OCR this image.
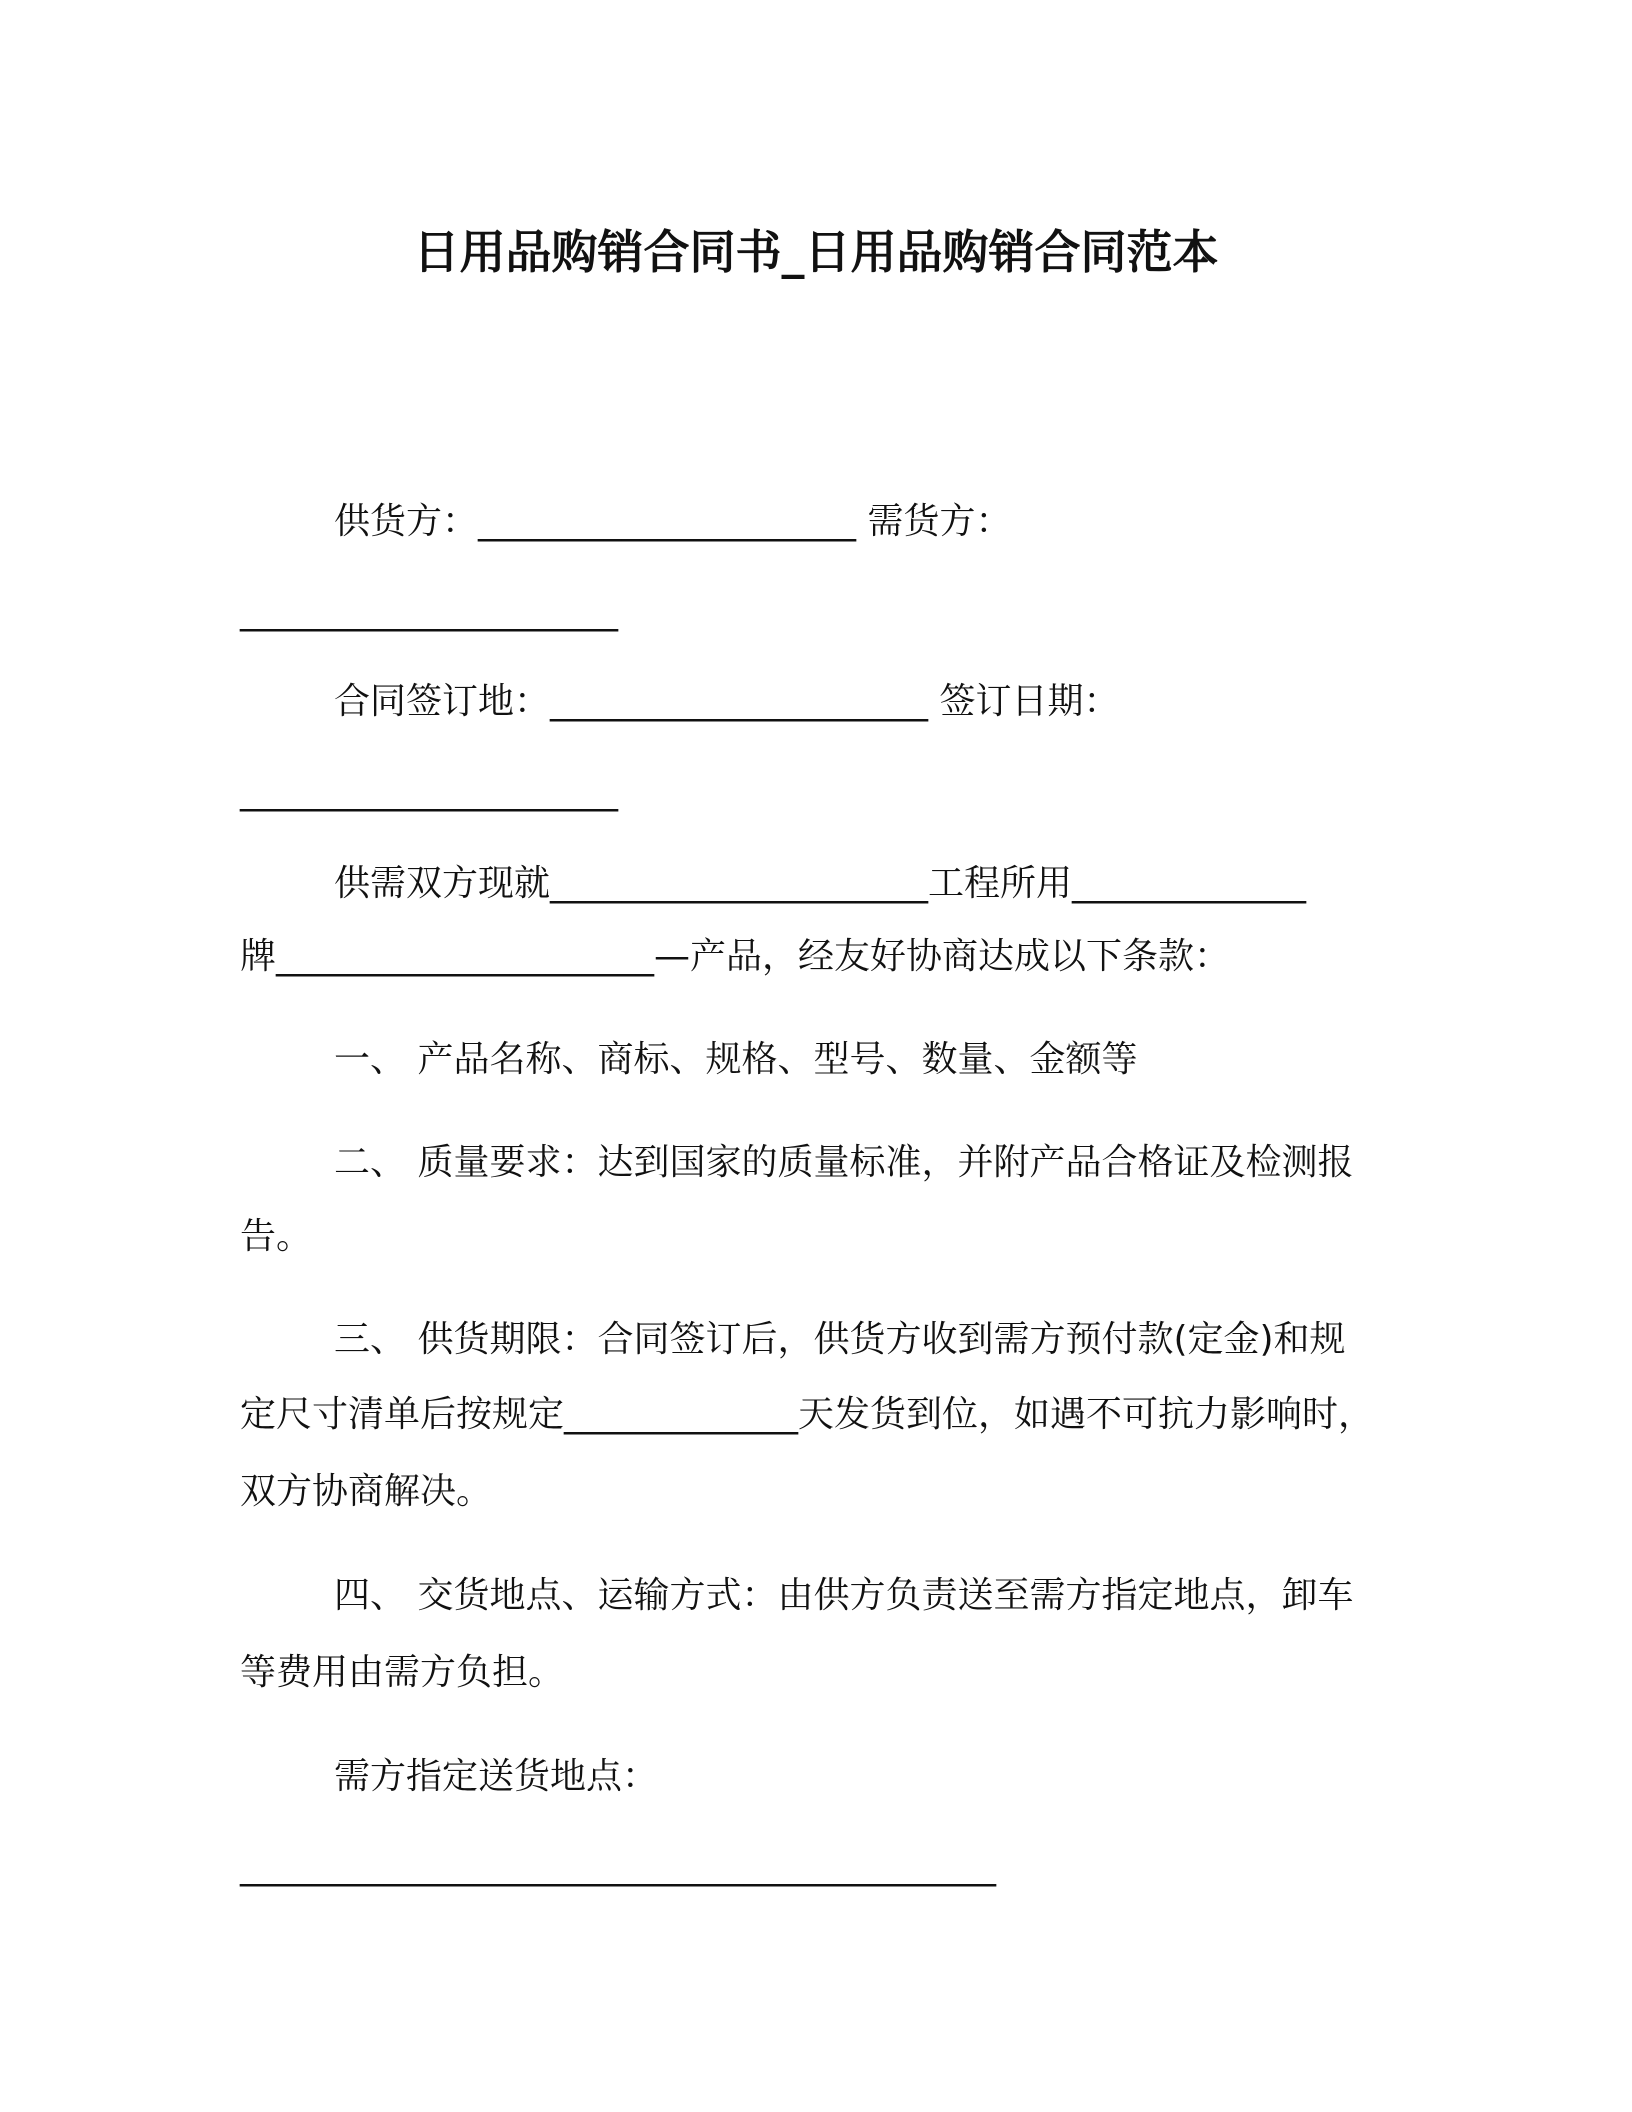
日用品购销合同书_日用品购销合同范本
供货方：_____________________ 需货方：
_____________________
合同签订地：_____________________ 签订日期：
_____________________
供需双方现就_____________________工程所用_____________
牌_____________________—产品，经友好协商达成以下条款：
一、 产品名称、商标、规格、型号、数量、金额等
二、 质量要求：达到国家的质量标准，并附产品合格证及检测报
告。
三、 供货期限：合同签订后，供货方收到需方预付款(定金)和规
定尺寸清单后按规定_____________天发货到位，如遇不可抗力影响时，
双方协商解决。
四、 交货地点、运输方式：由供方负责送至需方指定地点，卸车
等费用由需方负担。
需方指定送货地点：
__________________________________________
